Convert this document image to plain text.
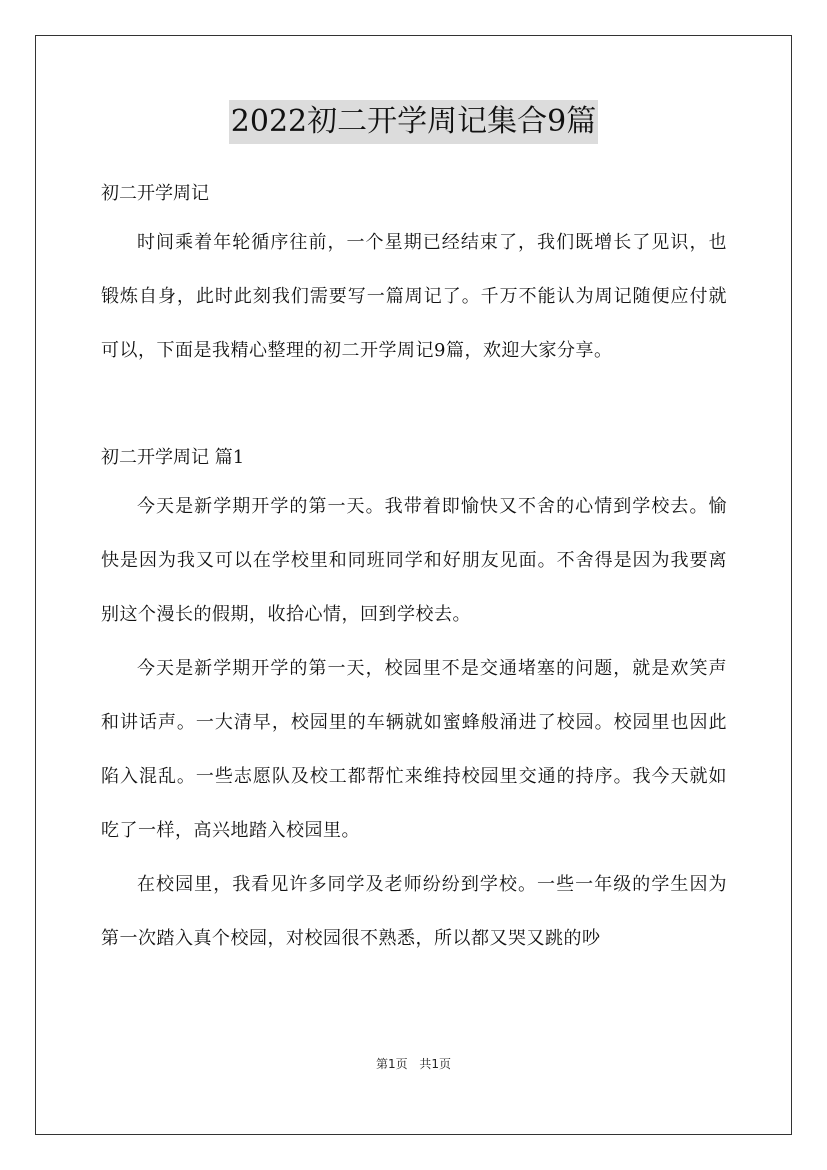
2022初二开学周记集合9篇

初二开学周记

时间乘着年轮循序往前，一个星期已经结束了，我们既增长了见识，也锻炼自身，此时此刻我们需要写一篇周记了。千万不能认为周记随便应付就可以，下面是我精心整理的初二开学周记9篇，欢迎大家分享。

初二开学周记 篇1

今天是新学期开学的第一天。我带着即愉快又不舍的心情到学校去。愉快是因为我又可以在学校里和同班同学和好朋友见面。不舍得是因为我要离别这个漫长的假期，收拾心情，回到学校去。

今天是新学期开学的第一天，校园里不是交通堵塞的问题，就是欢笑声和讲话声。一大清早，校园里的车辆就如蜜蜂般涌进了校园。校园里也因此陷入混乱。一些志愿队及校工都帮忙来维持校园里交通的持序。我今天就如吃了一样，高兴地踏入校园里。

在校园里，我看见许多同学及老师纷纷到学校。一些一年级的学生因为第一次踏入真个校园，对校园很不熟悉，所以都又哭又跳的吵

第1页 共1页
